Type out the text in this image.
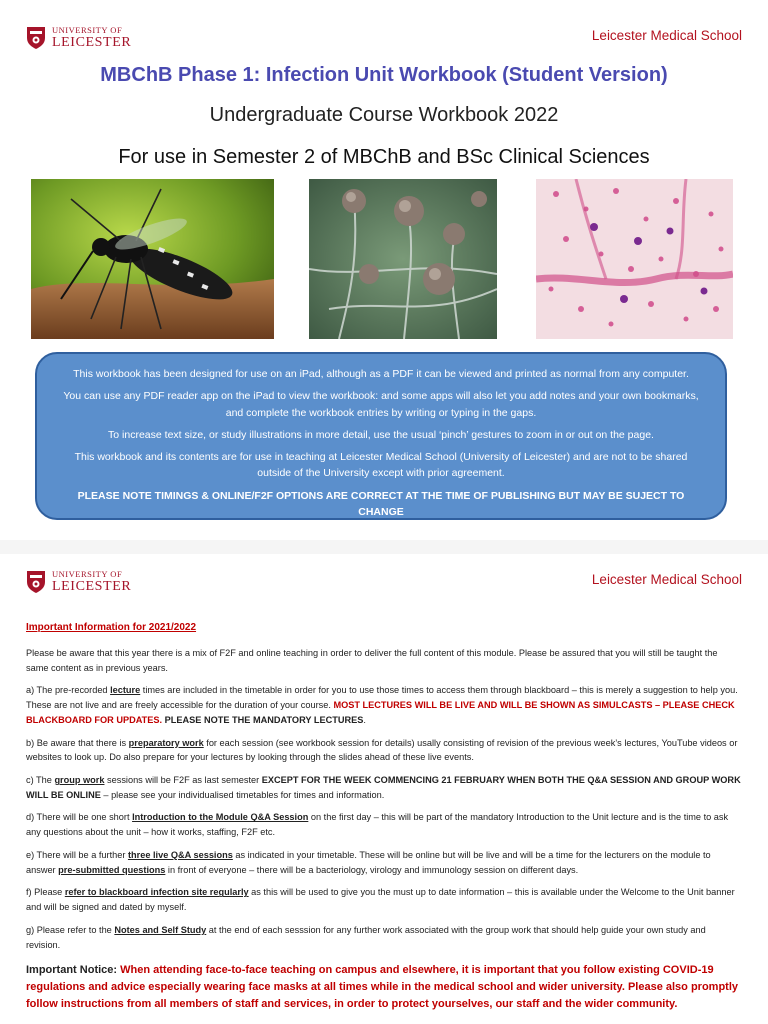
UNIVERSITY OF
LEICESTER	Leicester Medical School
MBChB Phase 1: Infection Unit Workbook (Student Version)
Undergraduate Course Workbook 2022
For use in Semester 2 of MBChB and BSc Clinical Sciences

This workbook has been designed for use on an iPad, although as a PDF it can be viewed and printed as normal from any computer.

You can use any PDF reader app on the iPad to view the workbook: and some apps will also let you add notes and your own bookmarks, and complete the workbook entries by writing or typing in the gaps.

To increase text size, or study illustrations in more detail, use the usual ‘pinch’ gestures to zoom in or out on the page.

This workbook and its contents are for use in teaching at Leicester Medical School (University of Leicester) and are not to be shared outside of the University except with prior agreement.

PLEASE NOTE TIMINGS & ONLINE/F2F OPTIONS ARE CORRECT AT THE TIME OF PUBLISHING BUT MAY BE SUJECT TO CHANGE

UNIVERSITY OF
LEICESTER	Leicester Medical School

Important Information for 2021/2022

Please be aware that this year there is a mix of F2F and online teaching in order to deliver the full content of this module. Please be assured that you will still be taught the same content as in previous years.

a) The pre-recorded lecture times are included in the timetable in order for you to use those times to access them through blackboard – this is merely a suggestion to help you. These are not live and are freely accessible for the duration of your course. MOST LECTURES WILL BE LIVE AND WILL BE SHOWN AS SIMULCASTS – PLEASE CHECK BLACKBOARD FOR UPDATES. PLEASE NOTE THE MANDATORY LECTURES.

b) Be aware that there is preparatory work for each session (see workbook session for details) usally consisting of revision of the previous week’s lectures, YouTube videos or websites to look up. Do also prepare for your lectures by looking through the slides ahead of these live events.

c) The group work sessions will be F2F as last semester EXCEPT FOR THE WEEK COMMENCING 21 FEBRUARY WHEN BOTH THE Q&A SESSION AND GROUP WORK WILL BE ONLINE – please see your individualised timetables for times and information.

d) There will be one short Introduction to the Module Q&A Session on the first day – this will be part of the mandatory Introduction to the Unit lecture and is the time to ask any questions about the unit – how it works, staffing, F2F etc.

e) There will be a further three live Q&A sessions as indicated in your timetable. These will be online but will be live and will be a time for the lecturers on the module to answer pre-submitted questions in front of everyone – there will be a bacteriology, virology and immunology session on different days.

f) Please refer to blackboard infection site regularly as this will be used to give you the must up to date information – this is available under the Welcome to the Unit banner and will be signed and dated by myself.

g) Please refer to the Notes and Self Study at the end of each sesssion for any further work associated with the group work that should help guide your own study and revision.

Important Notice: When attending face-to-face teaching on campus and elsewhere, it is important that you follow existing COVID-19 regulations and advice especially wearing face masks at all times while in the medical school and wider university. Please also promptly follow instructions from all members of staff and services, in order to protect yourselves, our staff and the wider community.
